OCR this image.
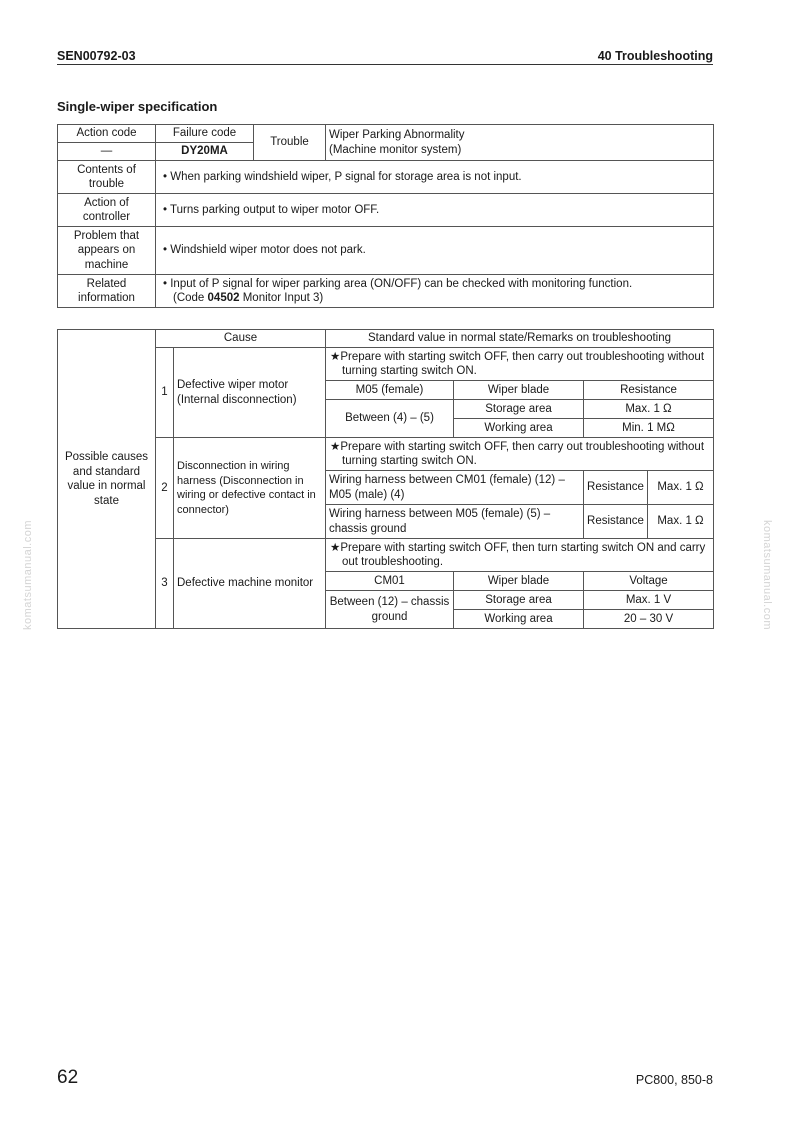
SEN00792-03	40 Troubleshooting
Single-wiper specification
Action code	Failure code	Trouble	Wiper Parking Abnormality
(Machine monitor system)
—	DY20MA		
Contents of trouble	• When parking windshield wiper, P signal for storage area is not input.		

Action of controller	• Turns parking output to wiper motor OFF.		

Problem that appears on machine	• Windshield wiper motor does not park.		

Related information	• Input of P signal for wiper parking area (ON/OFF) can be checked with monitoring function.
(Code 04502 Monitor Input 3)		
Possible causes and standard value in normal state	Cause		Standard value in normal state/Remarks on troubleshooting			
	1	Defective wiper motor (Internal disconnection)	★Prepare with starting switch OFF, then carry out troubleshooting without turning starting switch ON.			

			M05 (female)	Wiper blade	Resistance	
			Between (4) – (5)	Storage area	Max. 1 Ω	
				Working area	Min. 1 MΩ	
	2	Disconnection in wiring harness (Disconnection in wiring or defective contact in connector)	★Prepare with starting switch OFF, then carry out troubleshooting without turning starting switch ON.			

			Wiring harness between CM01 (female) (12) – M05 (male) (4)		Resistance	Max. 1 Ω
			Wiring harness between M05 (female) (5) – chassis ground		Resistance	Max. 1 Ω
	3	Defective machine monitor	★Prepare with starting switch OFF, then turn starting switch ON and carry out troubleshooting.			

			CM01	Wiper blade	Voltage	
			Between (12) – chassis ground	Storage area	Max. 1 V	
				Working area	20 – 30 V	
komatsumanual.com	komatsumanual.com
62	PC800, 850-8
